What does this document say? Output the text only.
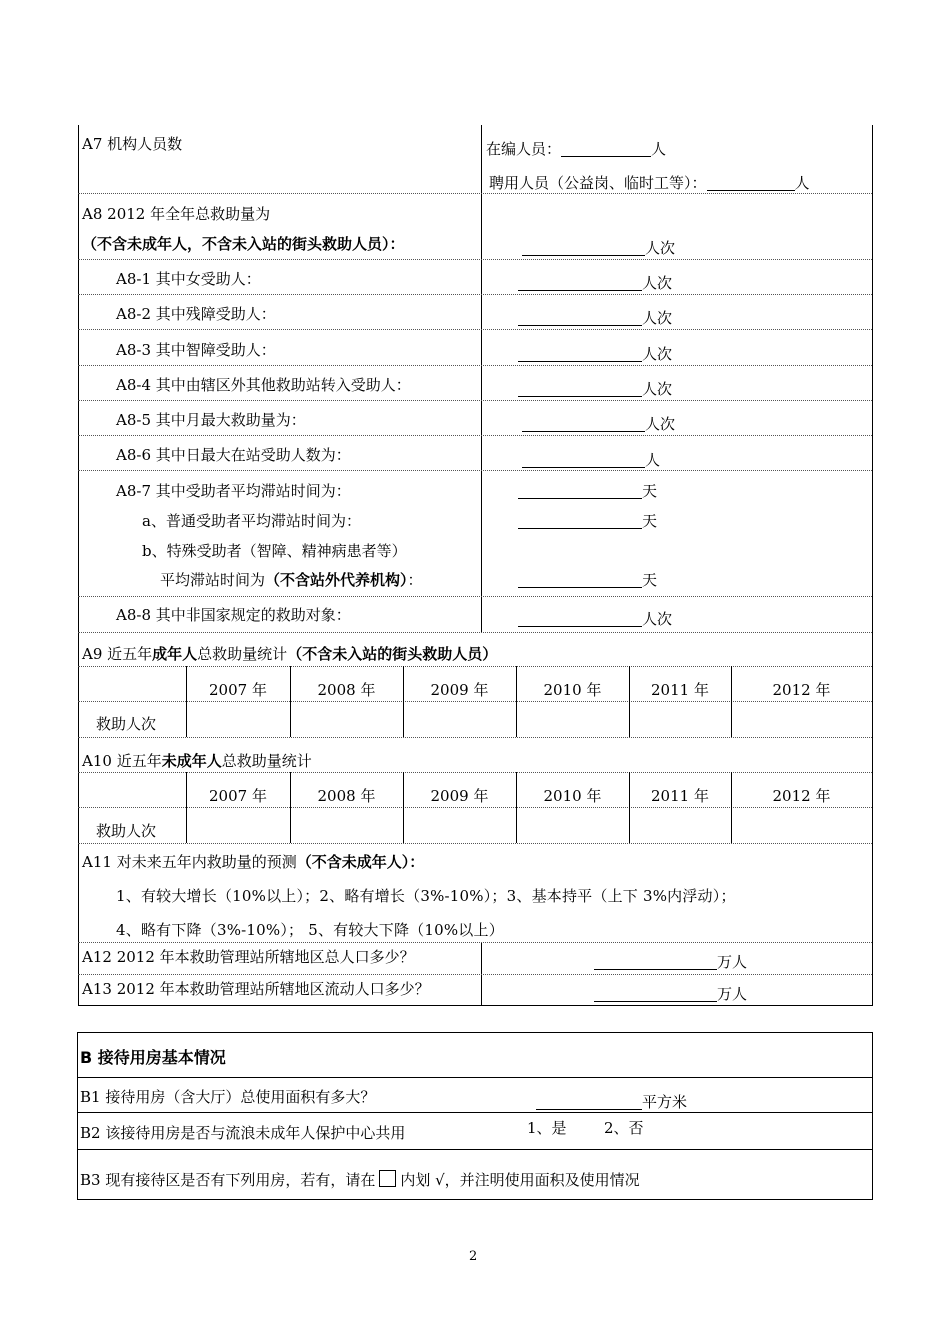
A7 机构人员数	在编人员：	人
聘用人员（公益岗、临时工等）：	人
A8 2012 年全年总救助量为
（不含未成年人，不含未入站的街头救助人员）：	人次
A8-1 其中女受助人：	人次
A8-2 其中残障受助人：	人次
A8-3 其中智障受助人：	人次
A8-4 其中由辖区外其他救助站转入受助人：	人次
A8-5 其中月最大救助量为：	人次
A8-6 其中日最大在站受助人数为：	人
A8-7 其中受助者平均滞站时间为：	天
a、普通受助者平均滞站时间为：	天
b、特殊受助者（智障、精神病患者等）
平均滞站时间为（不含站外代养机构）：	天
A8-8 其中非国家规定的救助对象：	人次
A9 近五年成年人总救助量统计（不含未入站的街头救助人员）
2007 年	2008 年	2009 年	2010 年	2011 年	2012 年
救助人次
A10 近五年未成年人总救助量统计
2007 年	2008 年	2009 年	2010 年	2011 年	2012 年
救助人次
A11 对未来五年内救助量的预测（不含未成年人）：
1、有较大增长（10%以上）；2、略有增长（3%-10%）；3、基本持平（上下 3%内浮动）；
4、略有下降（3%-10%）； 5、有较大下降（10%以上）
A12 2012 年本救助管理站所辖地区总人口多少？	万人
A13 2012 年本救助管理站所辖地区流动人口多少？	万人
B 接待用房基本情况
B1 接待用房（含大厅）总使用面积有多大？	平方米
B2 该接待用房是否与流浪未成年人保护中心共用	1、是 2、否
B3 现有接待区是否有下列用房，若有，请在 内划 √，并注明使用面积及使用情况
2
